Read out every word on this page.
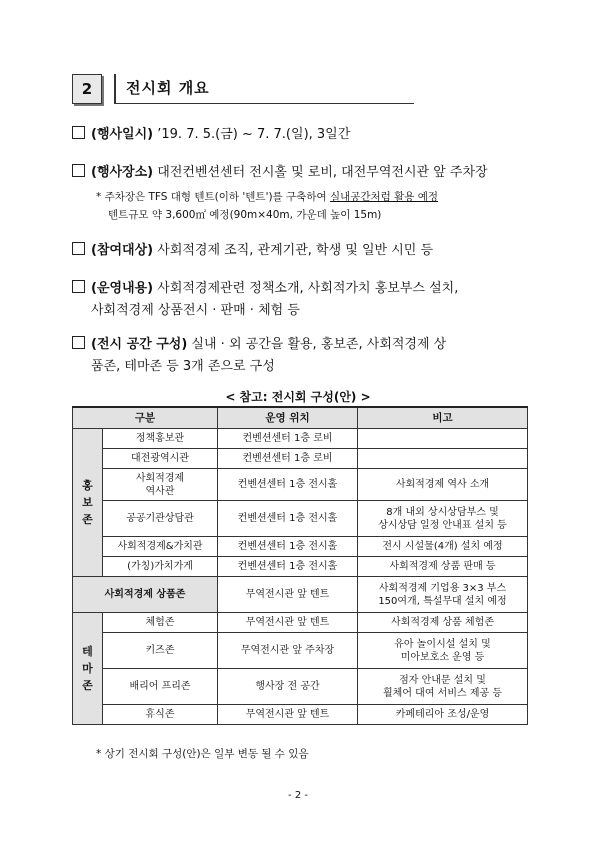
2 전시회 개요
(행사일시) ’19. 7. 5.(금) ~ 7. 7.(일), 3일간
(행사장소) 대전컨벤션센터 전시홀 및 로비, 대전무역전시관 앞 주차장
* 주차장은 TFS 대형 텐트(이하 '텐트')를 구축하여 실내공간처럼 활용 예정
텐트규모 약 3,600㎡ 예정(90m×40m, 가운데 높이 15m)
(참여대상) 사회적경제 조직, 관계기관, 학생 및 일반 시민 등
(운영내용) 사회적경제관련 정책소개, 사회적가치 홍보부스 설치,
사회적경제 상품전시 · 판매 · 체험 등
(전시 공간 구성) 실내 · 외 공간을 활용, 홍보존, 사회적경제 상
품존, 테마존 등 3개 존으로 구성
< 참고: 전시회 구성(안) >
구분		운영 위치	비고
홍
보
존	정책홍보관	컨벤션센터 1층 로비	
	대전광역시관	컨벤션센터 1층 로비	
	사회적경제
역사관	컨벤션센터 1층 전시홀	사회적경제 역사 소개
	공공기관상담관	컨벤션센터 1층 전시홀	8개 내외 상시상담부스 및
상시상담 일정 안내표 설치 등
	사회적경제&가치관	컨벤션센터 1층 전시홀	전시 시설물(4개) 설치 예정
	(가칭)가치가게	컨벤션센터 1층 전시홀	사회적경제 상품 판매 등
사회적경제 상품존		무역전시관 앞 텐트	사회적경제 기업용 3×3 부스
150여개, 특설무대 설치 예정
테
마
존	체험존	무역전시관 앞 텐트	사회적경제 상품 체험존
	키즈존	무역전시관 앞 주차장	유아 놀이시설 설치 및
미아보호소 운영 등
	배리어 프리존	행사장 전 공간	점자 안내문 설치 및
휠체어 대여 서비스 제공 등
	휴식존	무역전시관 앞 텐트	카페테리아 조성/운영
* 상기 전시회 구성(안)은 일부 변동 될 수 있음
- 2 -
